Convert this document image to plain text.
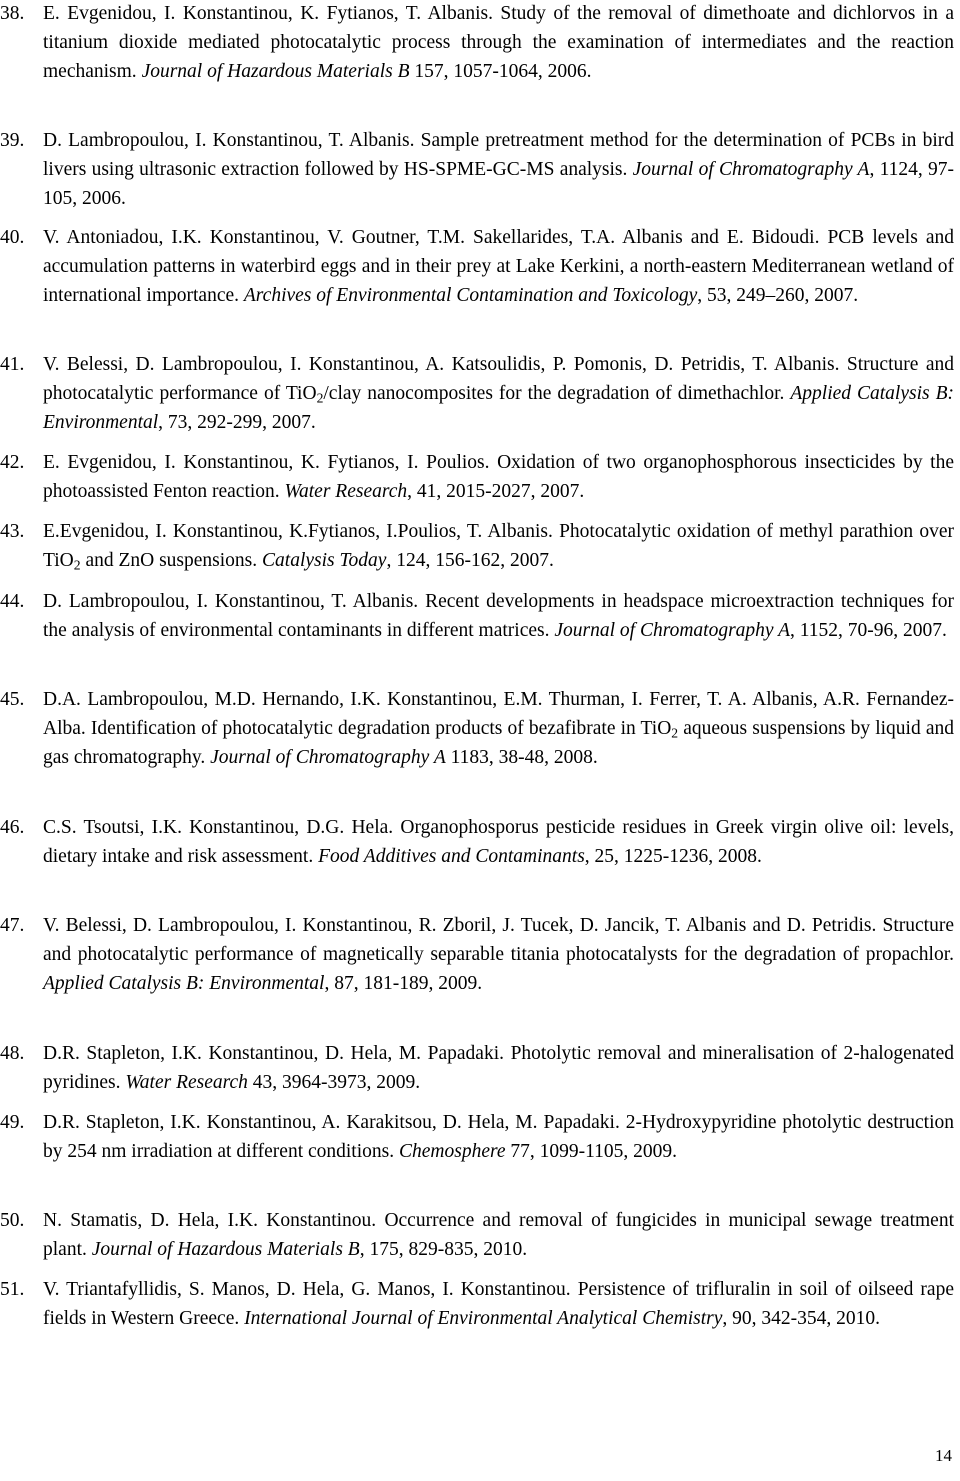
38. E. Evgenidou, I. Konstantinou, K. Fytianos, T. Albanis. Study of the removal of dimethoate and dichlorvos in a titanium dioxide mediated photocatalytic process through the examination of intermediates and the reaction mechanism. Journal of Hazardous Materials B 157, 1057-1064, 2006.
39. D. Lambropoulou, I. Konstantinou, T. Albanis. Sample pretreatment method for the determination of PCBs in bird livers using ultrasonic extraction followed by HS-SPME-GC-MS analysis. Journal of Chromatography A, 1124, 97-105, 2006.
40. V. Antoniadou, I.K. Konstantinou, V. Goutner, T.M. Sakellarides, T.A. Albanis and E. Bidoudi. PCB levels and accumulation patterns in waterbird eggs and in their prey at Lake Kerkini, a north-eastern Mediterranean wetland of international importance. Archives of Environmental Contamination and Toxicology, 53, 249–260, 2007.
41. V. Belessi, D. Lambropoulou, I. Konstantinou, A. Katsoulidis, P. Pomonis, D. Petridis, T. Albanis. Structure and photocatalytic performance of TiO$_2$/clay nanocomposites for the degradation of dimethachlor. Applied Catalysis B: Environmental, 73, 292-299, 2007.
42. E. Evgenidou, I. Konstantinou, K. Fytianos, I. Poulios. Oxidation of two organophosphorous insecticides by the photoassisted Fenton reaction. Water Research, 41, 2015-2027, 2007.
43. E.Evgenidou, I. Konstantinou, K.Fytianos, I.Poulios, T. Albanis. Photocatalytic oxidation of methyl parathion over TiO$_2$ and ZnO suspensions. Catalysis Today, 124, 156-162, 2007.
44. D. Lambropoulou, I. Konstantinou, T. Albanis. Recent developments in headspace microextraction techniques for the analysis of environmental contaminants in different matrices. Journal of Chromatography A, 1152, 70-96, 2007.
45. D.A. Lambropoulou, M.D. Hernando, I.K. Konstantinou, E.M. Thurman, I. Ferrer, T. A. Albanis, A.R. Fernandez-Alba. Identification of photocatalytic degradation products of bezafibrate in TiO$_2$ aqueous suspensions by liquid and gas chromatography. Journal of Chromatography A 1183, 38-48, 2008.
46. C.S. Tsoutsi, I.K. Konstantinou, D.G. Hela. Organophosporus pesticide residues in Greek virgin olive oil: levels, dietary intake and risk assessment. Food Additives and Contaminants, 25, 1225-1236, 2008.
47. V. Belessi, D. Lambropoulou, I. Konstantinou, R. Zboril, J. Tucek, D. Jancik, T. Albanis and D. Petridis. Structure and photocatalytic performance of magnetically separable titania photocatalysts for the degradation of propachlor. Applied Catalysis B: Environmental, 87, 181-189, 2009.
48. D.R. Stapleton, I.K. Konstantinou, D. Hela, M. Papadaki. Photolytic removal and mineralisation of 2-halogenated pyridines. Water Research 43, 3964-3973, 2009.
49. D.R. Stapleton, I.K. Konstantinou, A. Karakitsou, D. Hela, M. Papadaki. 2-Hydroxypyridine photolytic destruction by 254 nm irradiation at different conditions. Chemosphere 77, 1099-1105, 2009.
50. N. Stamatis, D. Hela, I.K. Konstantinou. Occurrence and removal of fungicides in municipal sewage treatment plant. Journal of Hazardous Materials B, 175, 829-835, 2010.
51. V. Triantafyllidis, S. Manos, D. Hela, G. Manos, I. Konstantinou. Persistence of trifluralin in soil of oilseed rape fields in Western Greece. International Journal of Environmental Analytical Chemistry, 90, 342-354, 2010.
14
